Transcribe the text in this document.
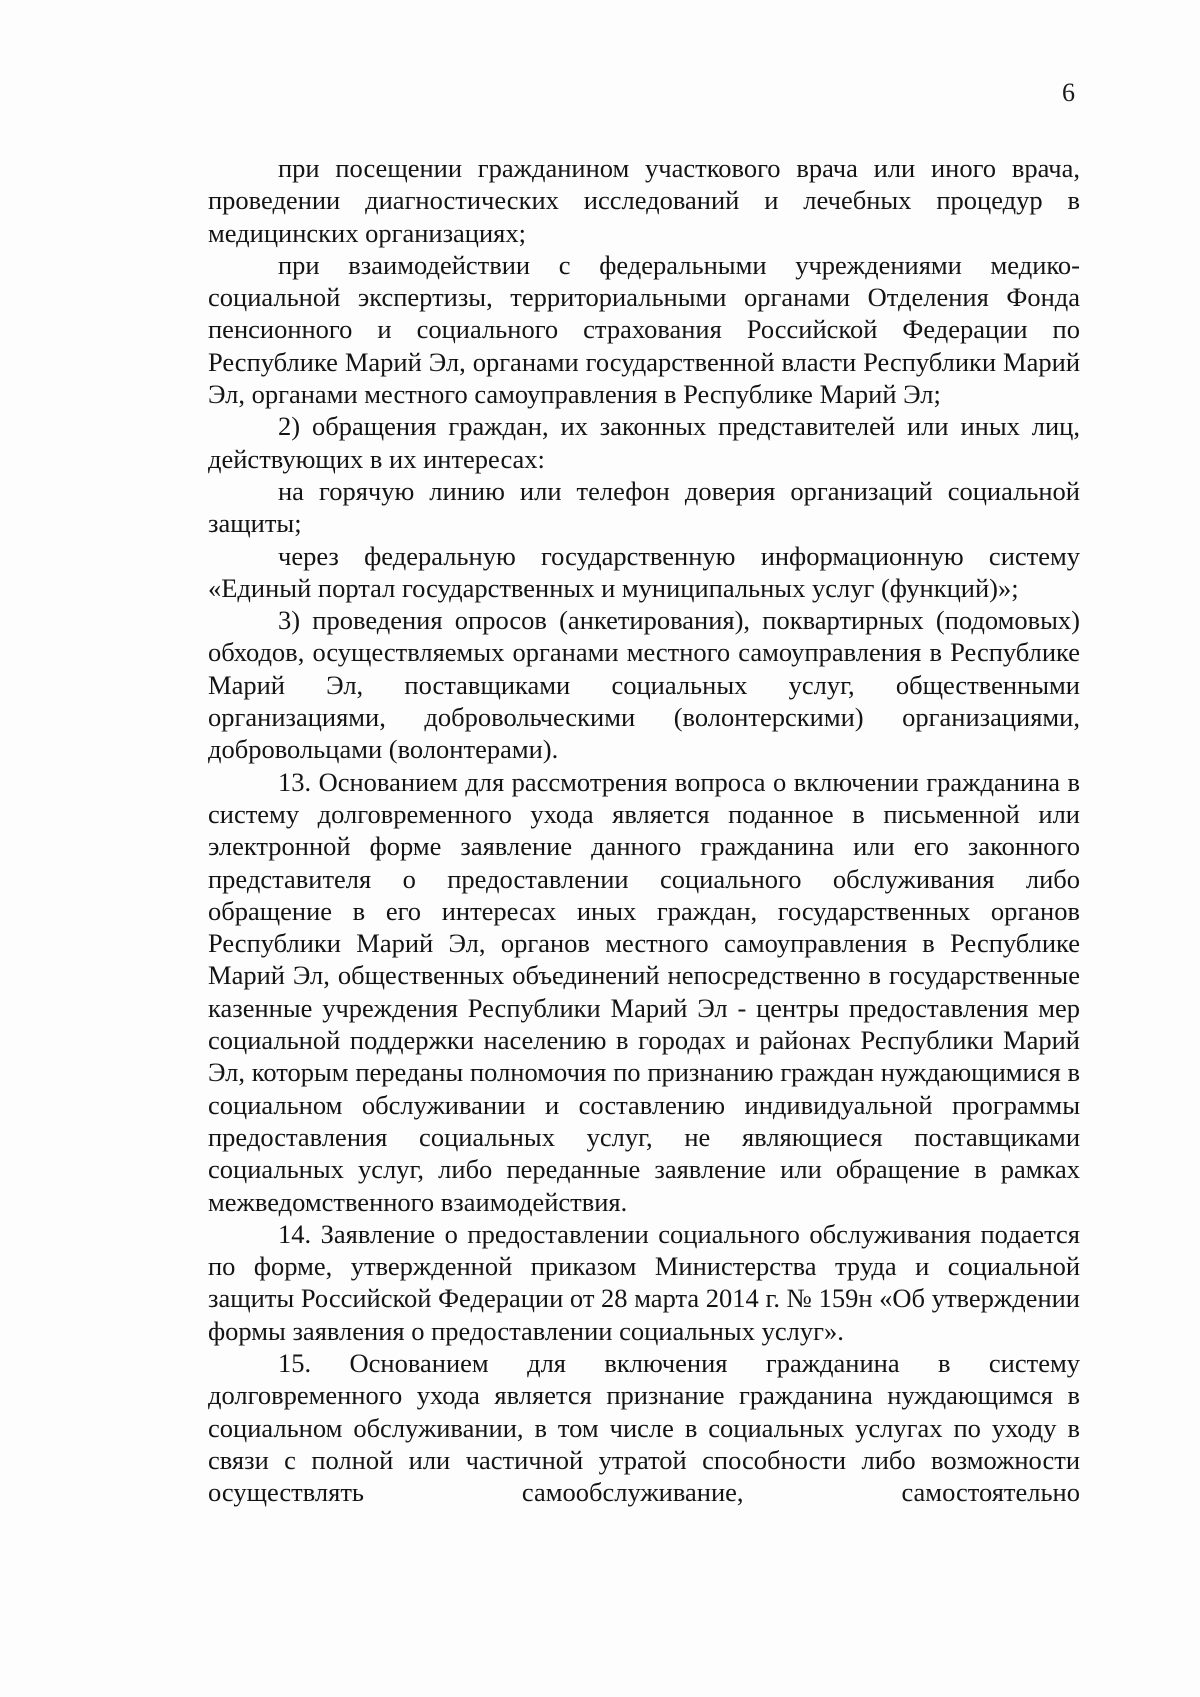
6

при посещении гражданином участкового врача или иного врача, проведении диагностических исследований и лечебных процедур в медицинских организациях;

при взаимодействии с федеральными учреждениями медико-социальной экспертизы, территориальными органами Отделения Фонда пенсионного и социального страхования Российской Федерации по Республике Марий Эл, органами государственной власти Республики Марий Эл, органами местного самоуправления в Республике Марий Эл;

2) обращения граждан, их законных представителей или иных лиц, действующих в их интересах:

на горячую линию или телефон доверия организаций социальной защиты;

через федеральную государственную информационную систему «Единый портал государственных и муниципальных услуг (функций)»;

3) проведения опросов (анкетирования), поквартирных (подомовых) обходов, осуществляемых органами местного самоуправления в Республике Марий Эл, поставщиками социальных услуг, общественными организациями, добровольческими (волонтерскими) организациями, добровольцами (волонтерами).

13. Основанием для рассмотрения вопроса о включении гражданина в систему долговременного ухода является поданное в письменной или электронной форме заявление данного гражданина или его законного представителя о предоставлении социального обслуживания либо обращение в его интересах иных граждан, государственных органов Республики Марий Эл, органов местного самоуправления в Республике Марий Эл, общественных объединений непосредственно в государственные казенные учреждения Республики Марий Эл - центры предоставления мер социальной поддержки населению в городах и районах Республики Марий Эл, которым переданы полномочия по признанию граждан нуждающимися в социальном обслуживании и составлению индивидуальной программы предоставления социальных услуг, не являющиеся поставщиками социальных услуг, либо переданные заявление или обращение в рамках межведомственного взаимодействия.

14. Заявление о предоставлении социального обслуживания подается по форме, утвержденной приказом Министерства труда и социальной защиты Российской Федерации от 28 марта 2014 г. № 159н «Об утверждении формы заявления о предоставлении социальных услуг».

15. Основанием для включения гражданина в систему долговременного ухода является признание гражданина нуждающимся в социальном обслуживании, в том числе в социальных услугах по уходу в связи с полной или частичной утратой способности либо возможности осуществлять самообслуживание, самостоятельно
